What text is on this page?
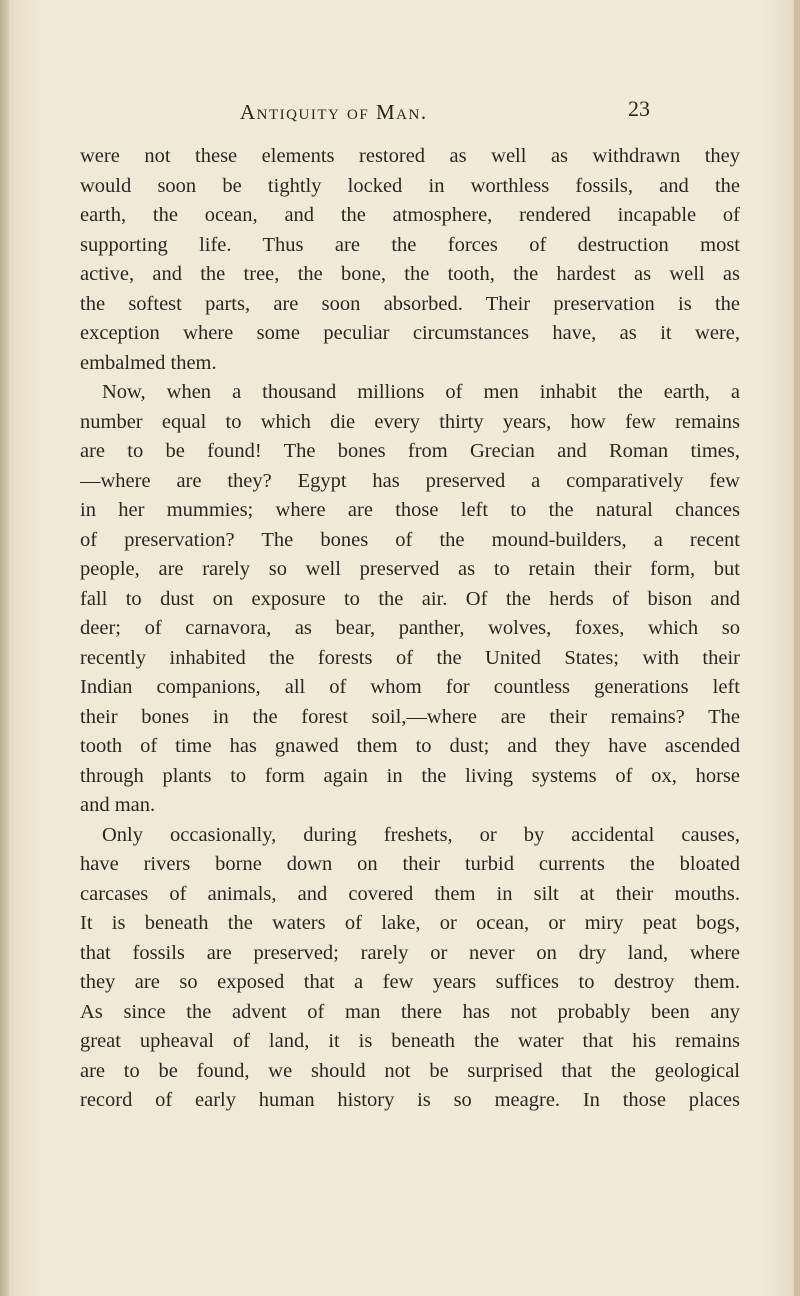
Antiquity of Man.	23
were not these elements restored as well as withdrawn they
would soon be tightly locked in worthless fossils, and the
earth, the ocean, and the atmosphere, rendered incapable of
supporting life. Thus are the forces of destruction most
active, and the tree, the bone, the tooth, the hardest as well as
the softest parts, are soon absorbed. Their preservation is the
exception where some peculiar circumstances have, as it were,
embalmed them.
Now, when a thousand millions of men inhabit the earth, a
number equal to which die every thirty years, how few remains
are to be found! The bones from Grecian and Roman times,
—where are they? Egypt has preserved a comparatively few
in her mummies; where are those left to the natural chances
of preservation? The bones of the mound-builders, a recent
people, are rarely so well preserved as to retain their form, but
fall to dust on exposure to the air. Of the herds of bison and
deer; of carnavora, as bear, panther, wolves, foxes, which so
recently inhabited the forests of the United States; with their
Indian companions, all of whom for countless generations left
their bones in the forest soil,—where are their remains? The
tooth of time has gnawed them to dust; and they have ascended
through plants to form again in the living systems of ox, horse
and man.
Only occasionally, during freshets, or by accidental causes,
have rivers borne down on their turbid currents the bloated
carcases of animals, and covered them in silt at their mouths.
It is beneath the waters of lake, or ocean, or miry peat bogs,
that fossils are preserved; rarely or never on dry land, where
they are so exposed that a few years suffices to destroy them.
As since the advent of man there has not probably been any
great upheaval of land, it is beneath the water that his remains
are to be found, we should not be surprised that the geological
record of early human history is so meagre. In those places
